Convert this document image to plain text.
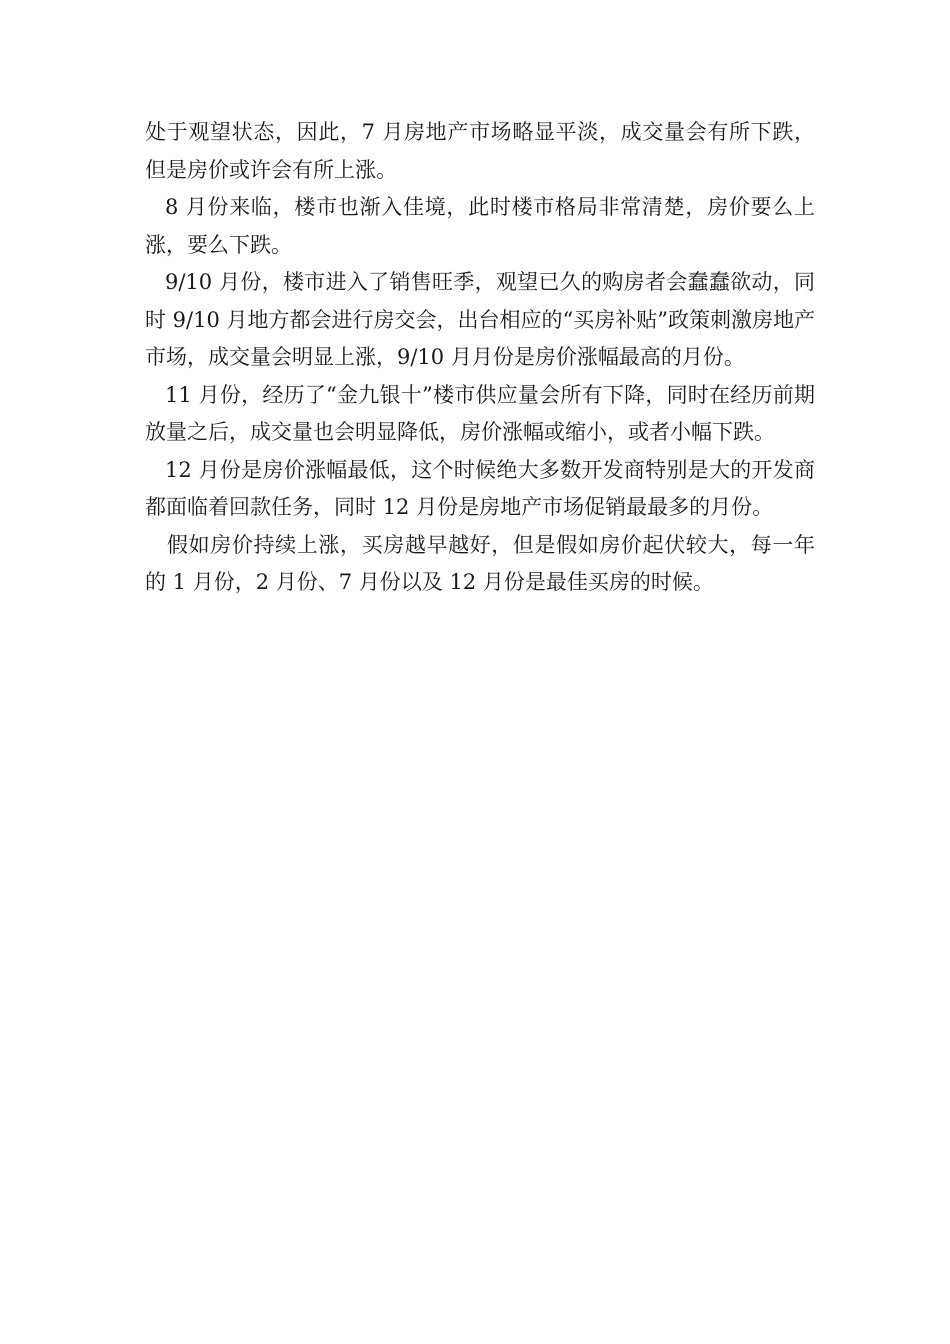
处于观望状态，因此，7 月房地产市场略显平淡，成交量会有所下跌，但是房价或许会有所上涨。

8 月份来临，楼市也渐入佳境，此时楼市格局非常清楚，房价要么上涨，要么下跌。

9/10 月份，楼市进入了销售旺季，观望已久的购房者会蠢蠢欲动，同时 9/10 月地方都会进行房交会，出台相应的“买房补贴”政策刺激房地产市场，成交量会明显上涨，9/10 月月份是房价涨幅最高的月份。

11 月份，经历了“金九银十”楼市供应量会所有下降，同时在经历前期放量之后，成交量也会明显降低，房价涨幅或缩小，或者小幅下跌。

12 月份是房价涨幅最低，这个时候绝大多数开发商特别是大的开发商都面临着回款任务，同时 12 月份是房地产市场促销最最多的月份。

假如房价持续上涨，买房越早越好，但是假如房价起伏较大，每一年的 1 月份，2 月份、7 月份以及 12 月份是最佳买房的时候。
